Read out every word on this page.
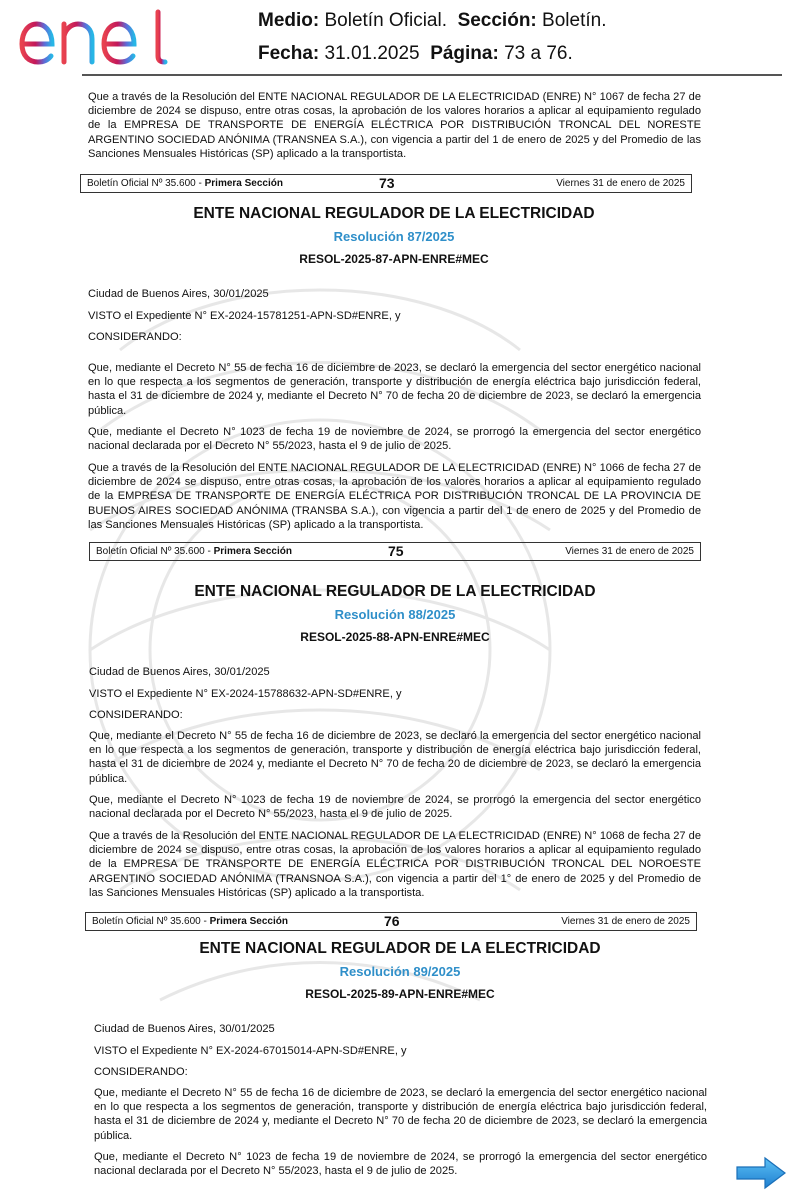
Medio: Boletín Oficial. Sección: Boletín.
Fecha: 31.01.2025 Página: 73 a 76.

Que a través de la Resolución del ENTE NACIONAL REGULADOR DE LA ELECTRICIDAD (ENRE) N° 1067 de fecha 27 de diciembre de 2024 se dispuso, entre otras cosas, la aprobación de los valores horarios a aplicar al equipamiento regulado de la EMPRESA DE TRANSPORTE DE ENERGÍA ELÉCTRICA POR DISTRIBUCIÓN TRONCAL DEL NORESTE ARGENTINO SOCIEDAD ANÓNIMA (TRANSNEA S.A.), con vigencia a partir del 1 de enero de 2025 y del Promedio de las Sanciones Mensuales Históricas (SP) aplicado a la transportista.

Boletín Oficial Nº 35.600 - Primera Sección	73	Viernes 31 de enero de 2025
ENTE NACIONAL REGULADOR DE LA ELECTRICIDAD
Resolución 87/2025
RESOL-2025-87-APN-ENRE#MEC

Ciudad de Buenos Aires, 30/01/2025

VISTO el Expediente N° EX-2024-15781251-APN-SD#ENRE, y

CONSIDERANDO:

Que, mediante el Decreto N° 55 de fecha 16 de diciembre de 2023, se declaró la emergencia del sector energético nacional en lo que respecta a los segmentos de generación, transporte y distribución de energía eléctrica bajo jurisdicción federal, hasta el 31 de diciembre de 2024 y, mediante el Decreto N° 70 de fecha 20 de diciembre de 2023, se declaró la emergencia pública.

Que, mediante el Decreto N° 1023 de fecha 19 de noviembre de 2024, se prorrogó la emergencia del sector energético nacional declarada por el Decreto N° 55/2023, hasta el 9 de julio de 2025.

Que a través de la Resolución del ENTE NACIONAL REGULADOR DE LA ELECTRICIDAD (ENRE) N° 1066 de fecha 27 de diciembre de 2024 se dispuso, entre otras cosas, la aprobación de los valores horarios a aplicar al equipamiento regulado de la EMPRESA DE TRANSPORTE DE ENERGÍA ELÉCTRICA POR DISTRIBUCIÓN TRONCAL DE LA PROVINCIA DE BUENOS AIRES SOCIEDAD ANÓNIMA (TRANSBA S.A.), con vigencia a partir del 1 de enero de 2025 y del Promedio de las Sanciones Mensuales Históricas (SP) aplicado a la transportista.

Boletín Oficial Nº 35.600 - Primera Sección	75	Viernes 31 de enero de 2025
ENTE NACIONAL REGULADOR DE LA ELECTRICIDAD
Resolución 88/2025
RESOL-2025-88-APN-ENRE#MEC

Ciudad de Buenos Aires, 30/01/2025

VISTO el Expediente N° EX-2024-15788632-APN-SD#ENRE, y

CONSIDERANDO:

Que, mediante el Decreto N° 55 de fecha 16 de diciembre de 2023, se declaró la emergencia del sector energético nacional en lo que respecta a los segmentos de generación, transporte y distribución de energía eléctrica bajo jurisdicción federal, hasta el 31 de diciembre de 2024 y, mediante el Decreto N° 70 de fecha 20 de diciembre de 2023, se declaró la emergencia pública.

Que, mediante el Decreto N° 1023 de fecha 19 de noviembre de 2024, se prorrogó la emergencia del sector energético nacional declarada por el Decreto N° 55/2023, hasta el 9 de julio de 2025.

Que a través de la Resolución del ENTE NACIONAL REGULADOR DE LA ELECTRICIDAD (ENRE) N° 1068 de fecha 27 de diciembre de 2024 se dispuso, entre otras cosas, la aprobación de los valores horarios a aplicar al equipamiento regulado de la EMPRESA DE TRANSPORTE DE ENERGÍA ELÉCTRICA POR DISTRIBUCIÓN TRONCAL DEL NOROESTE ARGENTINO SOCIEDAD ANÓNIMA (TRANSNOA S.A.), con vigencia a partir del 1° de enero de 2025 y del Promedio de las Sanciones Mensuales Históricas (SP) aplicado a la transportista.

Boletín Oficial Nº 35.600 - Primera Sección	76	Viernes 31 de enero de 2025
ENTE NACIONAL REGULADOR DE LA ELECTRICIDAD
Resolución 89/2025
RESOL-2025-89-APN-ENRE#MEC

Ciudad de Buenos Aires, 30/01/2025

VISTO el Expediente N° EX-2024-67015014-APN-SD#ENRE, y

CONSIDERANDO:

Que, mediante el Decreto N° 55 de fecha 16 de diciembre de 2023, se declaró la emergencia del sector energético nacional en lo que respecta a los segmentos de generación, transporte y distribución de energía eléctrica bajo jurisdicción federal, hasta el 31 de diciembre de 2024 y, mediante el Decreto N° 70 de fecha 20 de diciembre de 2023, se declaró la emergencia pública.

Que, mediante el Decreto N° 1023 de fecha 19 de noviembre de 2024, se prorrogó la emergencia del sector energético nacional declarada por el Decreto N° 55/2023, hasta el 9 de julio de 2025.
